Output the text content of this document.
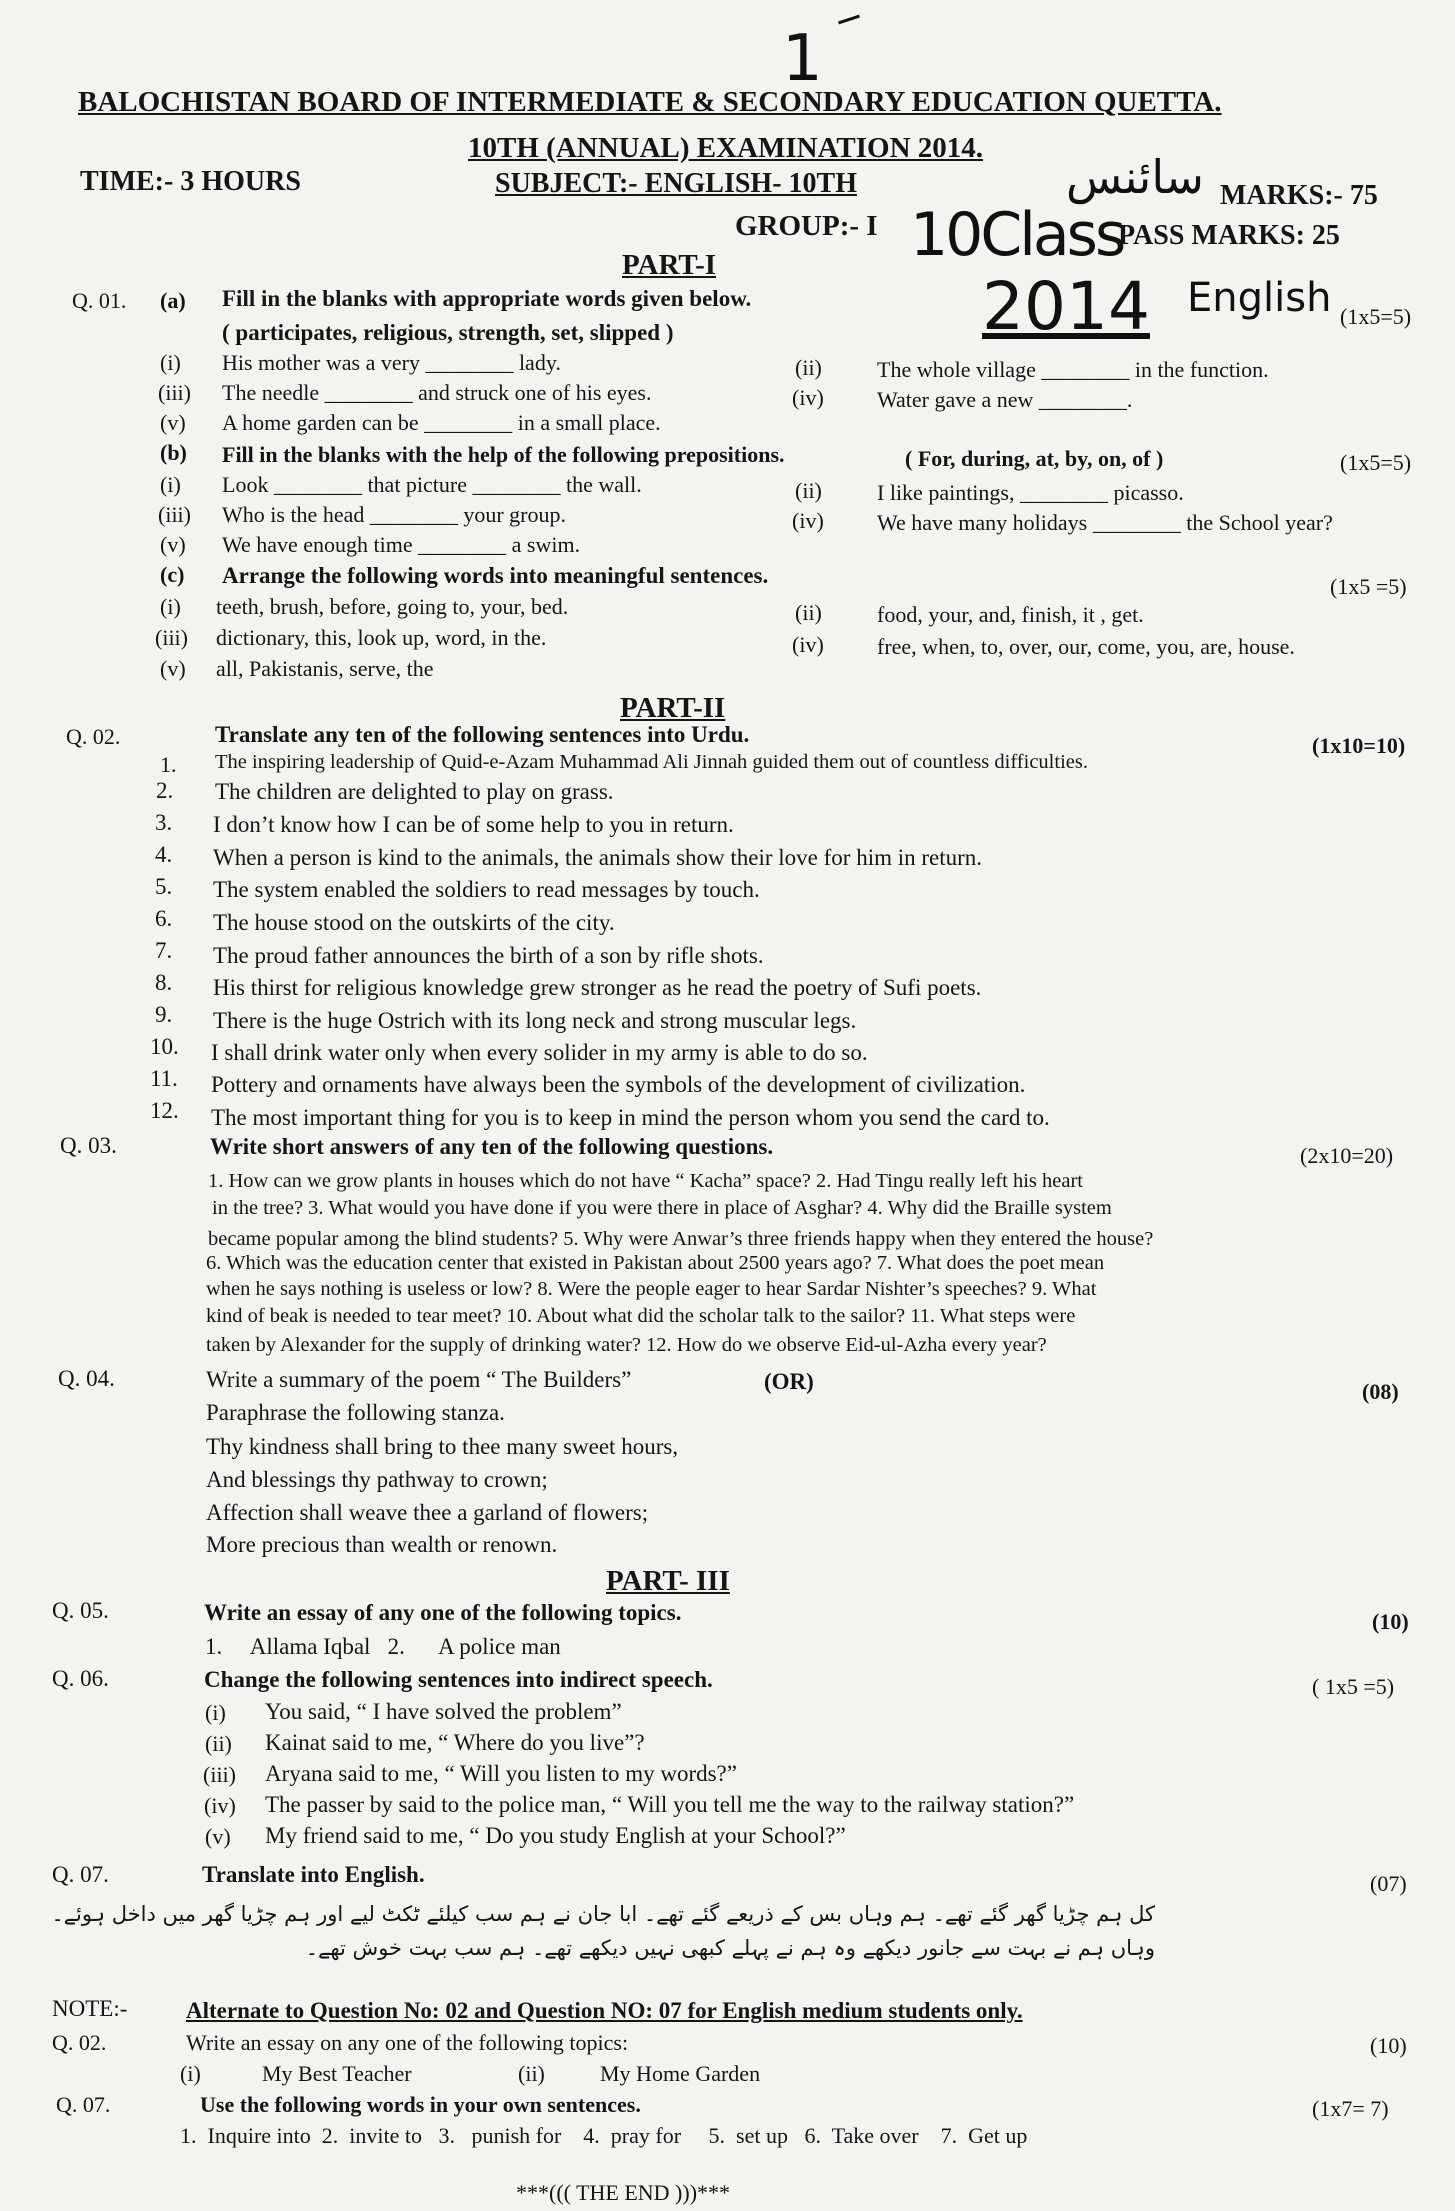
1
سائنس
10Class
2014 English
BALOCHISTAN BOARD OF INTERMEDIATE & SECONDARY EDUCATION QUETTA.
10TH (ANNUAL) EXAMINATION 2014.
TIME:- 3 HOURS	SUBJECT:- ENGLISH- 10TH	MARKS:- 75
GROUP:- I	PASS MARKS: 25
PART-I
Q. 01. (a) Fill in the blanks with appropriate words given below.
(1x5=5)
( participates, religious, strength, set, slipped )
(i) His mother was a very ________ lady.	(ii)	The whole village ________ in the function.
(iii) The needle ________ and struck one of his eyes.	(iv) Water gave a new ________.
(v) A home garden can be ________ in a small place.
(b) Fill in the blanks with the help of the following prepositions.	( For, during, at, by, on, of )	(1x5=5)
(i) Look ________ that picture ________ the wall.	(ii)	I like paintings, ________ picasso.
(iii) Who is the head ________ your group.	(iv) We have many holidays ________ the School year?
(v) We have enough time ________ a swim.
(c) Arrange the following words into meaningful sentences.	(1x5 =5)
(i) teeth, brush, before, going to, your, bed.	(ii)	food, your, and, finish, it , get.
(iii) dictionary, this, look up, word, in the.	(iv) free, when, to, over, our, come, you, are, house.
(v) all, Pakistanis, serve, the
PART-II
Q. 02.	Translate any ten of the following sentences into Urdu.	(1x10=10)
1. The inspiring leadership of Quid-e-Azam Muhammad Ali Jinnah guided them out of countless difficulties.
2. The children are delighted to play on grass.
3. I don’t know how I can be of some help to you in return.
4. When a person is kind to the animals, the animals show their love for him in return.
5. The system enabled the soldiers to read messages by touch.
6. The house stood on the outskirts of the city.
7. The proud father announces the birth of a son by rifle shots.
8. His thirst for religious knowledge grew stronger as he read the poetry of Sufi poets.
9. There is the huge Ostrich with its long neck and strong muscular legs.
10. I shall drink water only when every solider in my army is able to do so.
11. Pottery and ornaments have always been the symbols of the development of civilization.
12. The most important thing for you is to keep in mind the person whom you send the card to.
Q. 03.	Write short answers of any ten of the following questions.	(2x10=20)
1. How can we grow plants in houses which do not have “ Kacha” space? 2. Had Tingu really left his heart
in the tree? 3. What would you have done if you were there in place of Asghar? 4. Why did the Braille system
became popular among the blind students? 5. Why were Anwar’s three friends happy when they entered the house?
6. Which was the education center that existed in Pakistan about 2500 years ago? 7. What does the poet mean
when he says nothing is useless or low? 8. Were the people eager to hear Sardar Nishter’s speeches? 9. What
kind of beak is needed to tear meet? 10. About what did the scholar talk to the sailor? 11. What steps were
taken by Alexander for the supply of drinking water? 12. How do we observe Eid-ul-Azha every year?
Q. 04.	Write a summary of the poem “ The Builders”	(OR)	(08)
Paraphrase the following stanza.
Thy kindness shall bring to thee many sweet hours,
And blessings thy pathway to crown;
Affection shall weave thee a garland of flowers;
More precious than wealth or renown.
PART- III
Q. 05.	Write an essay of any one of the following topics.	(10)
1.     Allama Iqbal   2.      A police man
Q. 06.	Change the following sentences into indirect speech.	( 1x5 =5)
(i) You said, “ I have solved the problem”
(ii) Kainat said to me, “ Where do you live”?
(iii) Aryana said to me, “ Will you listen to my words?”
(iv) The passer by said to the police man, “ Will you tell me the way to the railway station?”
(v) My friend said to me, “ Do you study English at your School?”
Q. 07.	Translate into English.	(07)
کل ہم چڑیا گھر گئے تھے۔ ہم وہاں بس کے ذریعے گئے تھے۔ ابا جان نے ہم سب کیلئے ٹکٹ لیے اور ہم چڑیا گھر میں داخل ہوئے۔
وہاں ہم نے بہت سے جانور دیکھے وہ ہم نے پہلے کبھی نہیں دیکھے تھے۔ ہم سب بہت خوش تھے۔
NOTE:-	Alternate to Question No: 02 and Question NO: 07 for English medium students only.
Q. 02.	Write an essay on any one of the following topics:	(10)
(i)	My Best Teacher	(ii)	My Home Garden
Q. 07.	Use the following words in your own sentences.	(1x7= 7)
1.  Inquire into  2.  invite to   3.   punish for    4.  pray for     5.  set up   6.  Take over    7.  Get up
***((( THE END )))***
